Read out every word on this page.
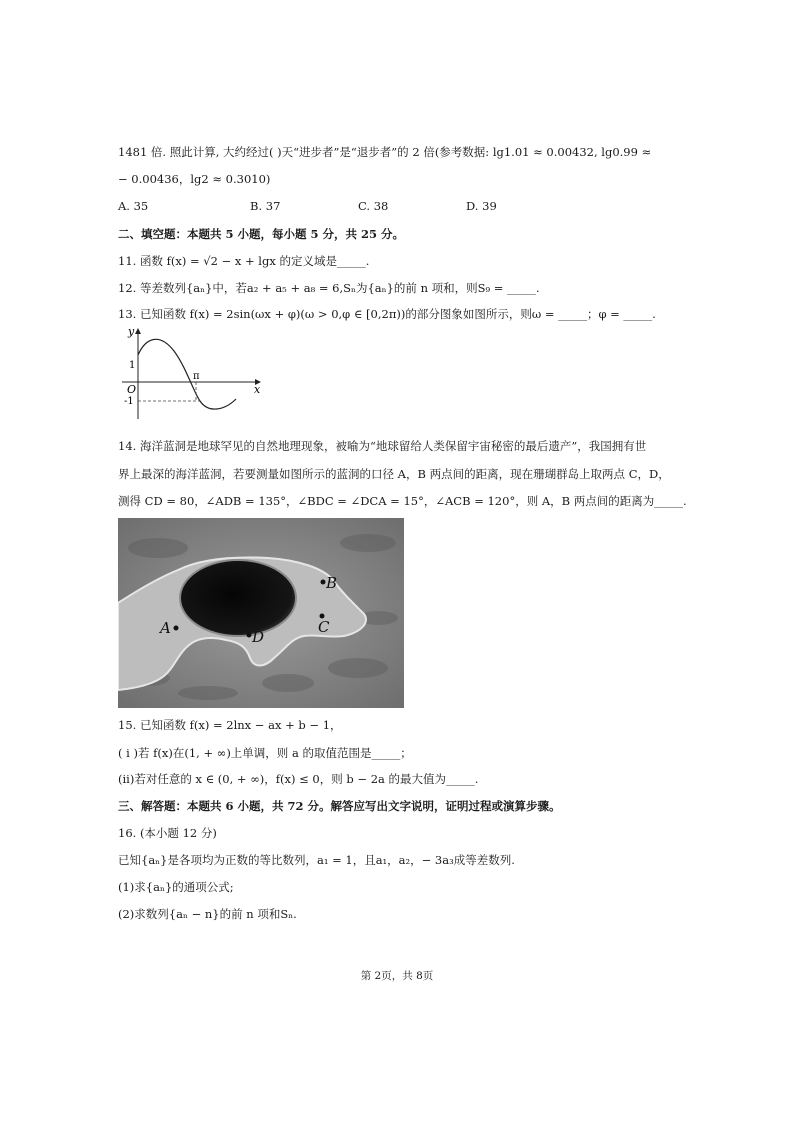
1481 倍. 照此计算, 大约经过( )天“进步者”是“退步者”的 2 倍(参考数据: lg1.01 ≈ 0.00432, lg0.99 ≈
− 0.00436，lg2 ≈ 0.3010)
A. 35	B. 37	C. 38	D. 39
二、填空题：本题共 5 小题，每小题 5 分，共 25 分。
11. 函数 f(x) = √2 − x + lgx 的定义域是_____.
12. 等差数列{aₙ}中，若a₂ + a₅ + a₈ = 6,Sₙ为{aₙ}的前 n 项和，则S₉ = _____.
13. 已知函数 f(x) = 2sin(ωx + φ)(ω > 0,φ ∈ [0,2π))的部分图象如图所示，则ω = _____；φ = _____.
y
x
O
1
-1
π
14. 海洋蓝洞是地球罕见的自然地理现象，被喻为“地球留给人类保留宇宙秘密的最后遗产”，我国拥有世
界上最深的海洋蓝洞，若要测量如图所示的蓝洞的口径 A，B 两点间的距离，现在珊瑚群岛上取两点 C，D，
测得 CD = 80，∠ADB = 135°，∠BDC = ∠DCA = 15°，∠ACB = 120°，则 A，B 两点间的距离为_____.
A
B
C
D
15. 已知函数 f(x) = 2lnx − ax + b − 1，
( i )若 f(x)在(1, + ∞)上单调，则 a 的取值范围是_____；
(ii)若对任意的 x ∈ (0, + ∞)，f(x) ≤ 0，则 b − 2a 的最大值为_____.
三、解答题：本题共 6 小题，共 72 分。解答应写出文字说明，证明过程或演算步骤。
16. (本小题 12 分)
已知{aₙ}是各项均为正数的等比数列，a₁ = 1，且a₁，a₂，− 3a₃成等差数列.
(1)求{aₙ}的通项公式;
(2)求数列{aₙ − n}的前 n 项和Sₙ.
第 2页，共 8页
